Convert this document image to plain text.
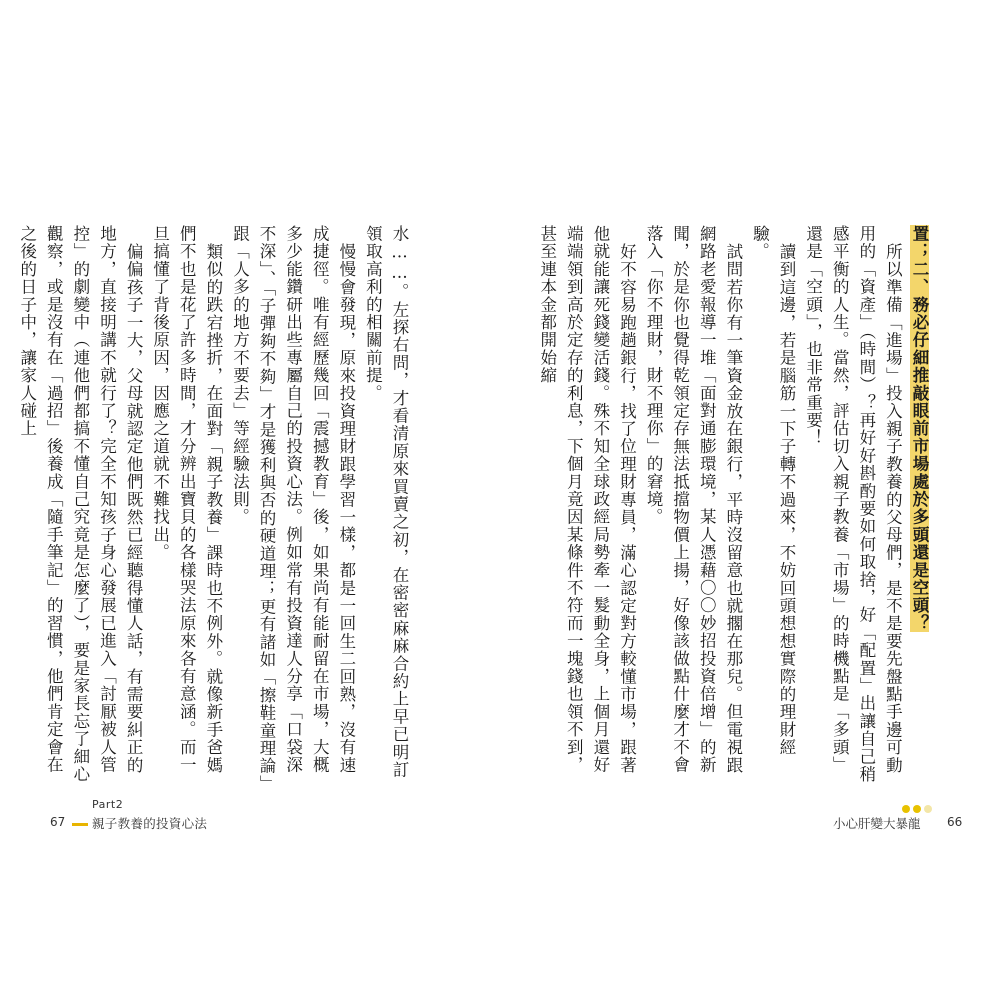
置；二、務必仔細推敲眼前市場處於多頭還是空頭？

所以準備「進場」投入親子教養的父母們，是不是要先盤點手邊可動用的「資產」（時間）？再好好斟酌要如何取捨，好「配置」出讓自己稍感平衡的人生。當然，評估切入親子教養「市場」的時機點是「多頭」還是「空頭」，也非常重要！

讀到這邊，若是腦筋一下子轉不過來，不妨回頭想想實際的理財經驗。

試問若你有一筆資金放在銀行，平時沒留意也就擱在那兒。但電視跟網路老愛報導一堆「面對通膨環境，某人憑藉〇〇妙招投資倍增」的新聞，於是你也覺得乾領定存無法抵擋物價上揚，好像該做點什麼才不會落入「你不理財，財不理你」的窘境。

好不容易跑趟銀行，找了位理財專員，滿心認定對方較懂市場，跟著他就能讓死錢變活錢。殊不知全球政經局勢牽一髮動全身，上個月還好端端領到高於定存的利息，下個月竟因某條件不符而一塊錢也領不到，甚至連本金都開始縮

水……。左探右問，才看清原來買賣之初，在密密麻麻合約上早已明訂領取高利的相關前提。

慢慢會發現，原來投資理財跟學習一樣，都是一回生二回熟，沒有速成捷徑。唯有經歷幾回「震撼教育」後，如果尚有能耐留在市場，大概多少能鑽研出些專屬自己的投資心法。例如常有投資達人分享「口袋深不深」、「子彈夠不夠」才是獲利與否的硬道理；更有諸如「擦鞋童理論」跟「人多的地方不要去」等經驗法則。

類似的跌宕挫折，在面對「親子教養」課時也不例外。就像新手爸媽們不也是花了許多時間，才分辨出寶貝的各樣哭法原來各有意涵。而一旦搞懂了背後原因，因應之道就不難找出。

偏偏孩子一大，父母就認定他們既然已經聽得懂人話，有需要糾正的地方，直接明講不就行了？完全不知孩子身心發展已進入「討厭被人管控」的劇變中（連他們都搞不懂自己究竟是怎麼了），要是家長忘了細心觀察，或是沒有在「過招」後養成「隨手筆記」的習慣，他們肯定會在之後的日子中，讓家人碰上

67
Part2
親子教養的投資心法	小心肝變大暴龍 66
